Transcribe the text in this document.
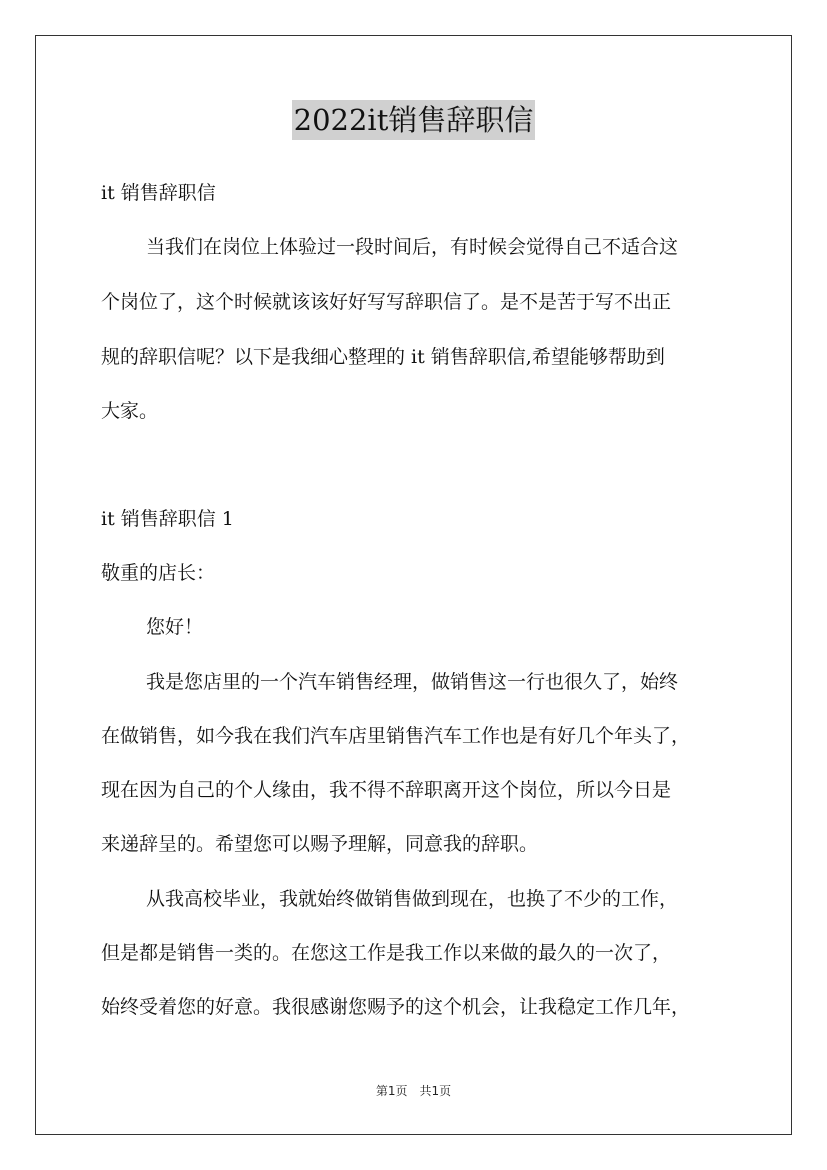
2022it销售辞职信
it 销售辞职信
当我们在岗位上体验过一段时间后，有时候会觉得自己不适合这
个岗位了，这个时候就该该好好写写辞职信了。是不是苦于写不出正
规的辞职信呢？以下是我细心整理的 it 销售辞职信,希望能够帮助到
大家。
it 销售辞职信 1
敬重的店长：
您好！
我是您店里的一个汽车销售经理，做销售这一行也很久了，始终
在做销售，如今我在我们汽车店里销售汽车工作也是有好几个年头了，
现在因为自己的个人缘由，我不得不辞职离开这个岗位，所以今日是
来递辞呈的。希望您可以赐予理解，同意我的辞职。
从我高校毕业，我就始终做销售做到现在，也换了不少的工作，
但是都是销售一类的。在您这工作是我工作以来做的最久的一次了，
始终受着您的好意。我很感谢您赐予的这个机会，让我稳定工作几年，
第1页　共1页
